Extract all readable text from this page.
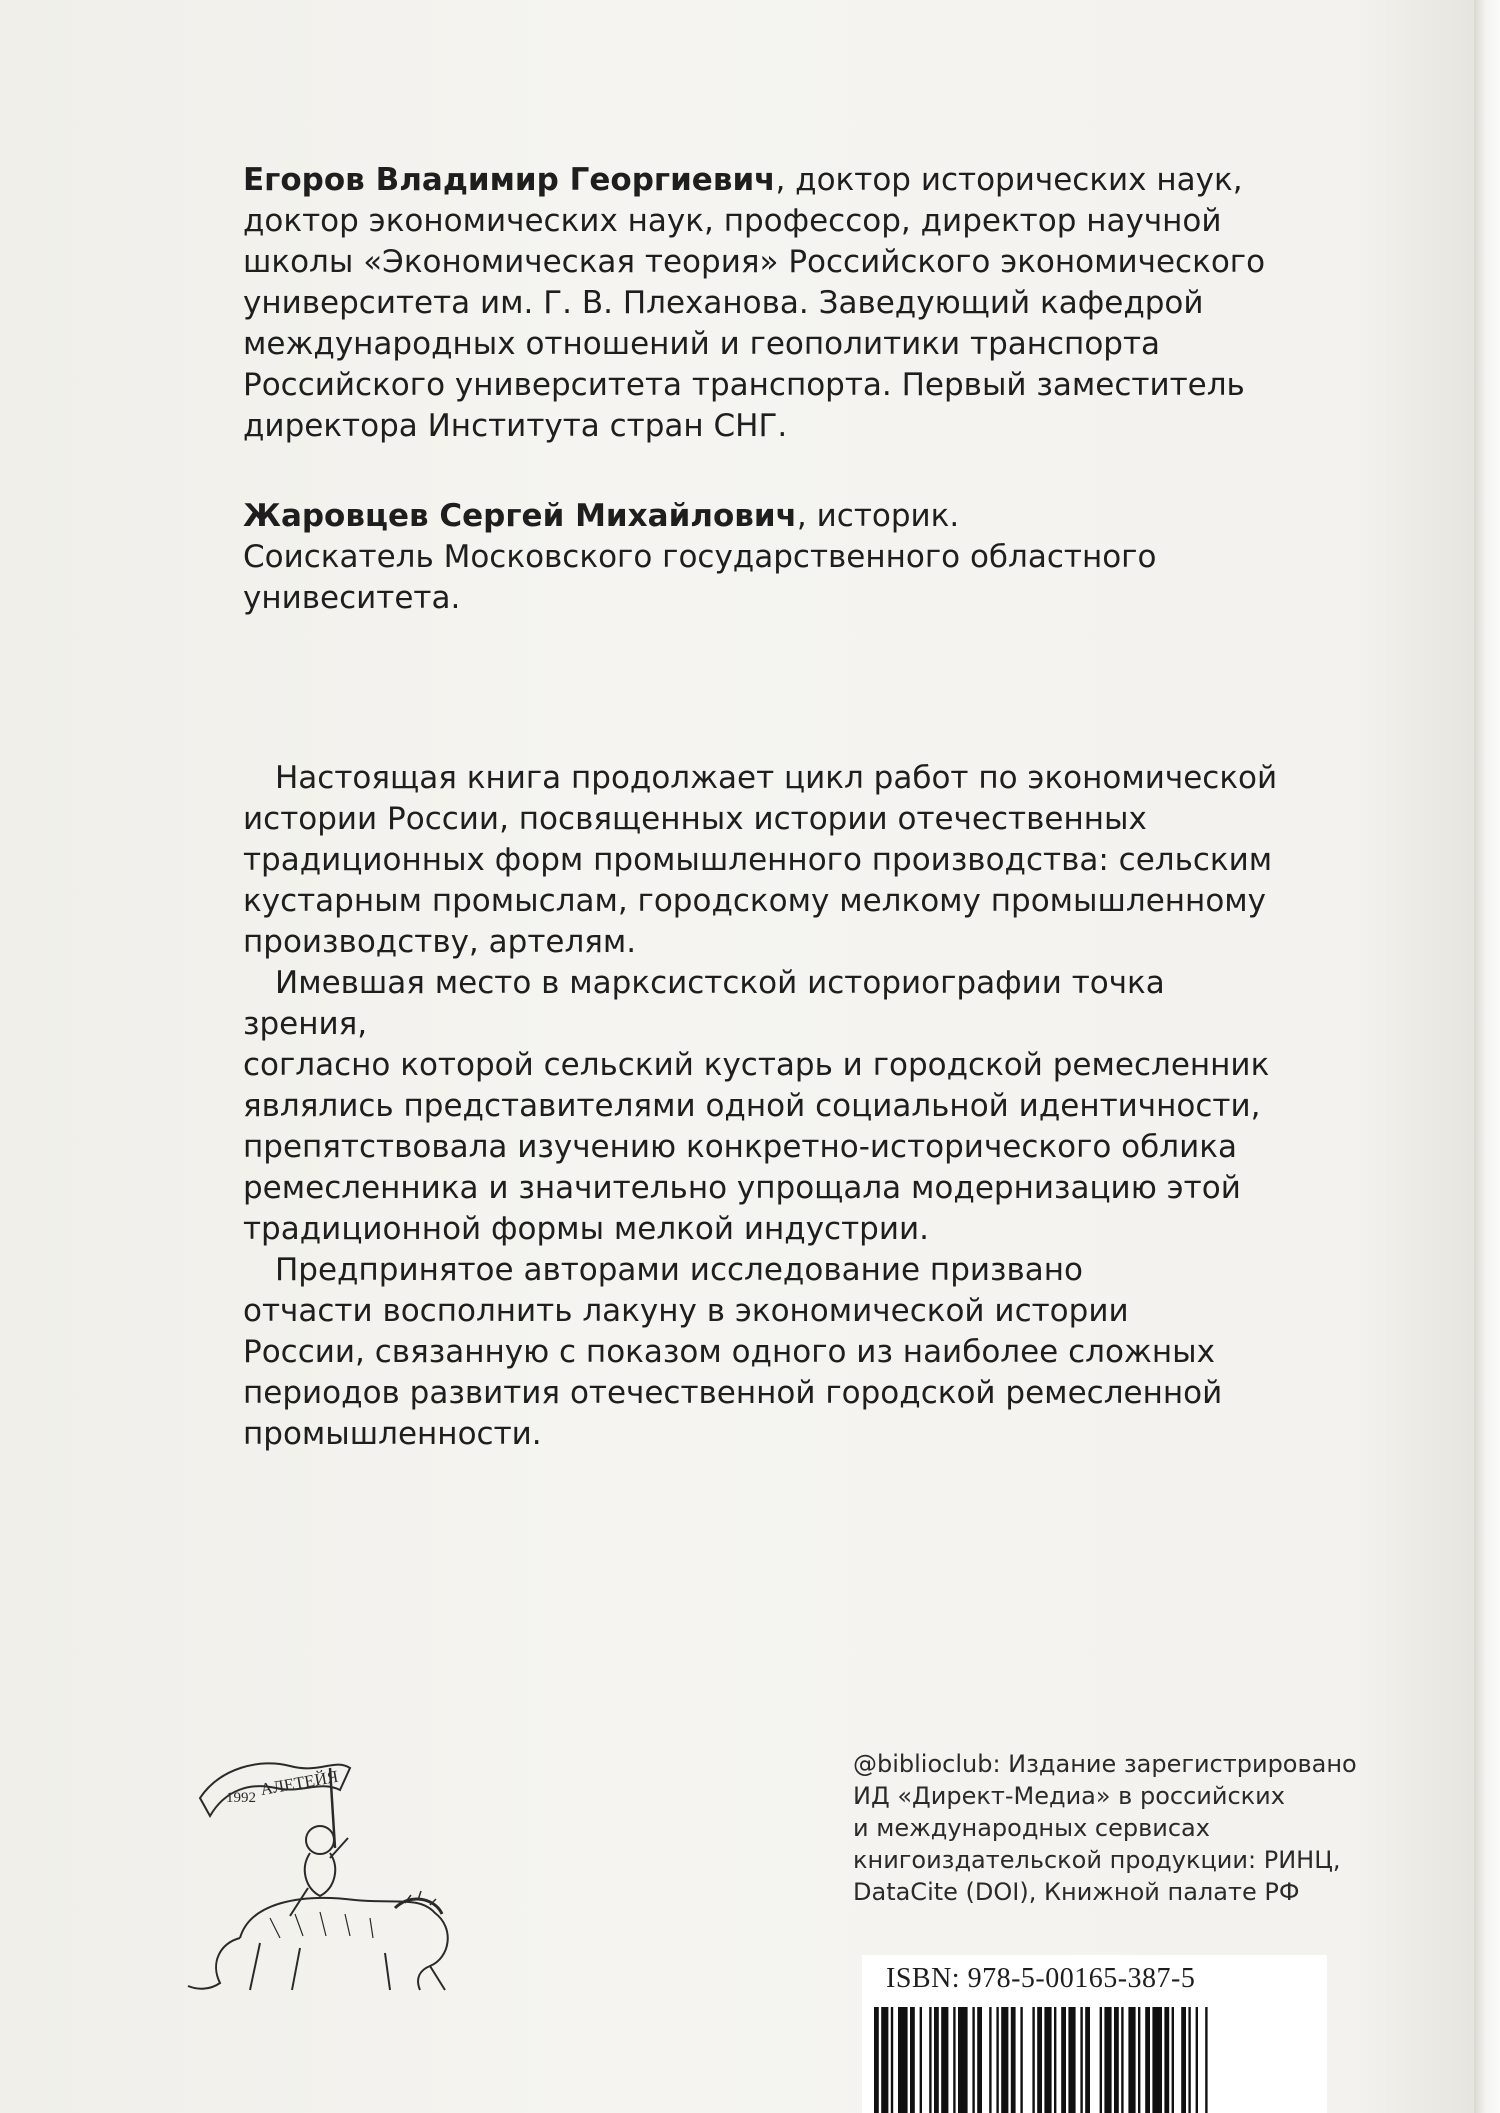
Егоров Владимир Георгиевич, доктор исторических наук,

доктор экономических наук, профессор, директор научной

школы «Экономическая теория» Российского экономического

университета им. Г. В. Плеханова. Заведующий кафедрой

международных отношений и геополитики транспорта

Российского университета транспорта. Первый заместитель

директора Института стран СНГ.

Жаровцев Сергей Михайлович, историк.

Соискатель Московского государственного областного

унивеситета.

Настоящая книга продолжает цикл работ по экономической
истории России, посвященных истории отечественных
традиционных форм промышленного производства: сельским
кустарным промыслам, городскому мелкому промышленному
производству, артелям.

Имевшая место в марксистской историографии точка зрения,
согласно которой сельский кустарь и городской ремесленник
являлись представителями одной социальной идентичности,
препятствовала изучению конкретно-исторического облика
ремесленника и значительно упрощала модернизацию этой
традиционной формы мелкой индустрии.

Предпринятое авторами исследование призвано
отчасти восполнить лакуну в экономической истории
России, связанную с показом одного из наиболее сложных
периодов развития отечественной городской ремесленной
промышленности.

1992 АЛЕТЕЙЯ
@biblioclub: Издание зарегистрировано
ИД «Директ-Медиа» в российских
и международных сервисах
книгоиздательской продукции: РИНЦ,
DataCite (DOI), Книжной палате РФ
ISBN: 978-5-00165-387-5
